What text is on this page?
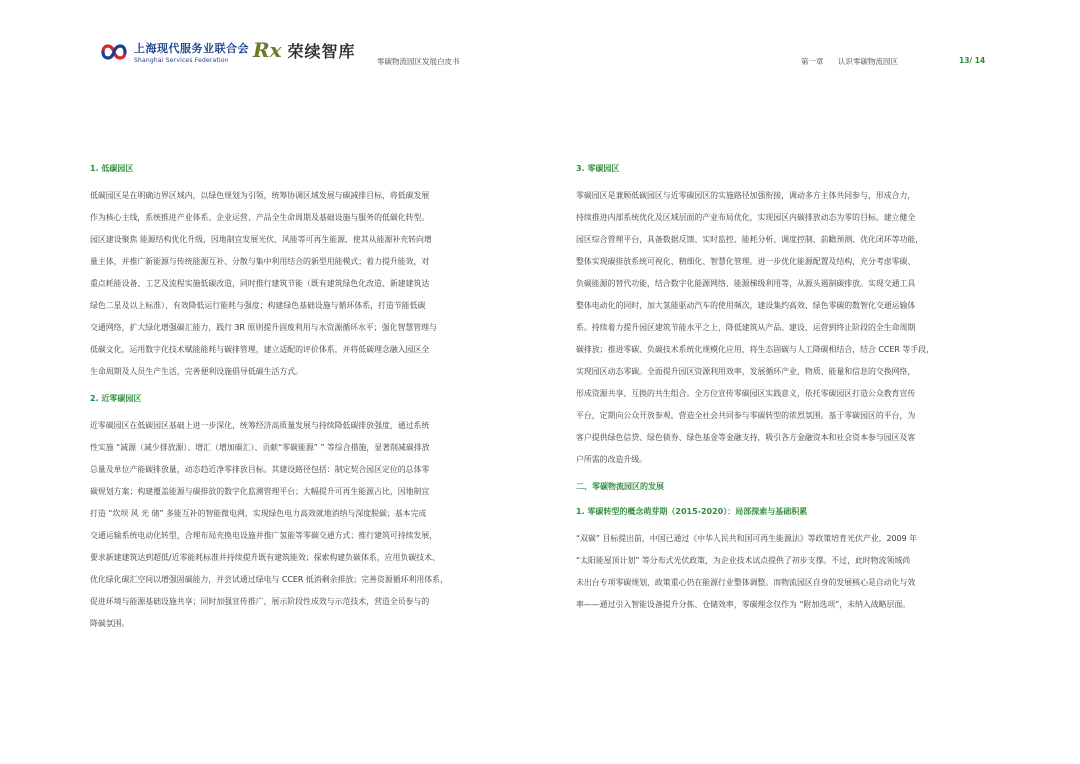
上海现代服务业联合会
Shanghai Services Federation	Rx 荣续智库
零碳物流园区发展白皮书	第一章 认识零碳物流园区	13/ 14
1. 低碳园区
低碳园区是在明确边界区域内，以绿色规划为引领，统筹协调区域发展与碳减排目标，将低碳发展
作为核心主线，系统推进产业体系、企业运营、产品全生命周期及基础设施与服务的低碳化转型。
园区建设聚焦 能源结构优化升级，因地制宜发展光伏、风能等可再生能源，使其从能源补充转向增
量主体，并推广新能源与传统能源互补、分散与集中利用结合的新型用能模式；着力提升能效，对
重点耗能设备、工艺及流程实施低碳改造，同时推行建筑节能（既有建筑绿色化改造、新建建筑达
绿色二星及以上标准），有效降低运行能耗与强度；构建绿色基础设施与循环体系，打造节能低碳
交通网络，扩大绿化增强碳汇能力，践行 3R 原则提升固废利用与水资源循环水平；强化智慧管理与
低碳文化，运用数字化技术赋能能耗与碳排管理，建立适配的评价体系，并将低碳理念融入园区全
生命周期及人员生产生活，完善便利设施倡导低碳生活方式。
2. 近零碳园区
近零碳园区在低碳园区基础上进一步深化，统筹经济高质量发展与持续降低碳排放强度，通过系统
性实施 “减源（减少排放源）、增汇（增加碳汇）、贡献“零碳能源” ” 等综合措施，显著削减碳排放
总量及单位产能碳排放量，动态趋近净零排放目标。其建设路径包括：制定契合园区定位的总体零
碳规划方案；构建覆盖能源与碳排放的数字化监测管理平台；大幅提升可再生能源占比，因地制宜
打造 “坎坝 风 光 储” 多能互补的智能微电网，实现绿色电力高效就地消纳与深度脱碳；基本完成
交通运输系统电动化转型，合理布局充换电设施并推广氢能等零碳交通方式；推行建筑可持续发展，
要求新建建筑达到超低/近零能耗标准并持续提升既有建筑能效；探索构建负碳体系，应用负碳技术、
优化绿化碳汇空间以增强固碳能力，并尝试通过绿电与 CCER 抵消剩余排放；完善资源循环利用体系，
促进环境与能源基础设施共享；同时加强宣传推广，展示阶段性成效与示范技术，营造全员参与的
降碳氛围。
3. 零碳园区
零碳园区是兼顾低碳园区与近零碳园区的实施路径加强衔接，调动多方主体共同参与，形成合力，
持续推进内部系统优化及区域层面的产业布局优化，实现园区内碳排放动态为零的目标。建立健全
园区综合管理平台，具备数据反馈、实时监控、能耗分析、调度控制、前瞻预测、优化闭环等功能，
整体实现碳排放系统可视化、精细化、智慧化管理。进一步优化能源配置及结构，充分考虑零碳、
负碳能源的替代功能，结合数字化能源网络、能源梯级利用等，从源头遏制碳排放。实现交通工具
整体电动化的同时，加大氢能驱动汽车的使用频次，建设集约高效、绿色零碳的数智化交通运输体
系。持续着力提升园区建筑节能水平之上，降低建筑从产品、建设、运营到终止阶段的全生命周期
碳排放；推进零碳、负碳技术系统化规模化应用，将生态固碳与人工降碳相结合，结合 CCER 等手段，
实现园区动态零碳。全面提升园区资源利用效率，发展循环产业，物质、能量和信息的交换网络，
形成资源共享、互换的共生组合。全方位宣传零碳园区实践意义，依托零碳园区打造公众教育宣传
平台，定期向公众开放参观，营造全社会共同参与零碳转型的浓烈氛围。基于零碳园区的平台，为
客户提供绿色信贷、绿色债券、绿色基金等金融支持，吸引各方金融资本和社会资本参与园区及客
户所需的改造升级。
二、零碳物流园区的发展
1. 零碳转型的概念萌芽期（2015-2020）：局部探索与基础积累
“双碳” 目标提出前，中国已通过《中华人民共和国可再生能源法》等政策培育光伏产业，2009 年
“太阳能屋顶计划” 等分布式光伏政策，为企业技术试点提供了初步支撑。不过，此时物流领域尚
未出台专项零碳规划，政策重心仍在能源行业整体调整。而物流园区自身的发展核心是自动化与效
率——通过引入智能设备提升分拣、仓储效率，零碳理念仅作为 “附加选项”，未纳入战略层面。
